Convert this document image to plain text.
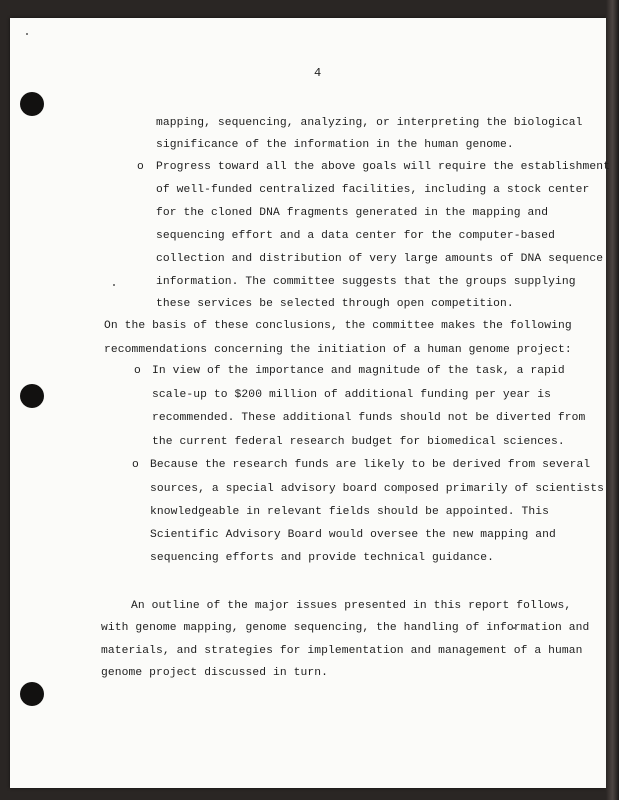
4
mapping, sequencing, analyzing, or interpreting the biological
significance of the information in the human genome.
o Progress toward all the above goals will require the establishment
of well-funded centralized facilities, including a stock center
for the cloned DNA fragments generated in the mapping and
sequencing effort and a data center for the computer-based
collection and distribution of very large amounts of DNA sequence
information. The committee suggests that the groups supplying
these services be selected through open competition.
On the basis of these conclusions, the committee makes the following
recommendations concerning the initiation of a human genome project:
o In view of the importance and magnitude of the task, a rapid
scale-up to $200 million of additional funding per year is
recommended. These additional funds should not be diverted from
the current federal research budget for biomedical sciences.
o Because the research funds are likely to be derived from several
sources, a special advisory board composed primarily of scientists
knowledgeable in relevant fields should be appointed. This
Scientific Advisory Board would oversee the new mapping and
sequencing efforts and provide technical guidance.
An outline of the major issues presented in this report follows,
with genome mapping, genome sequencing, the handling of information and
materials, and strategies for implementation and management of a human
genome project discussed in turn.
